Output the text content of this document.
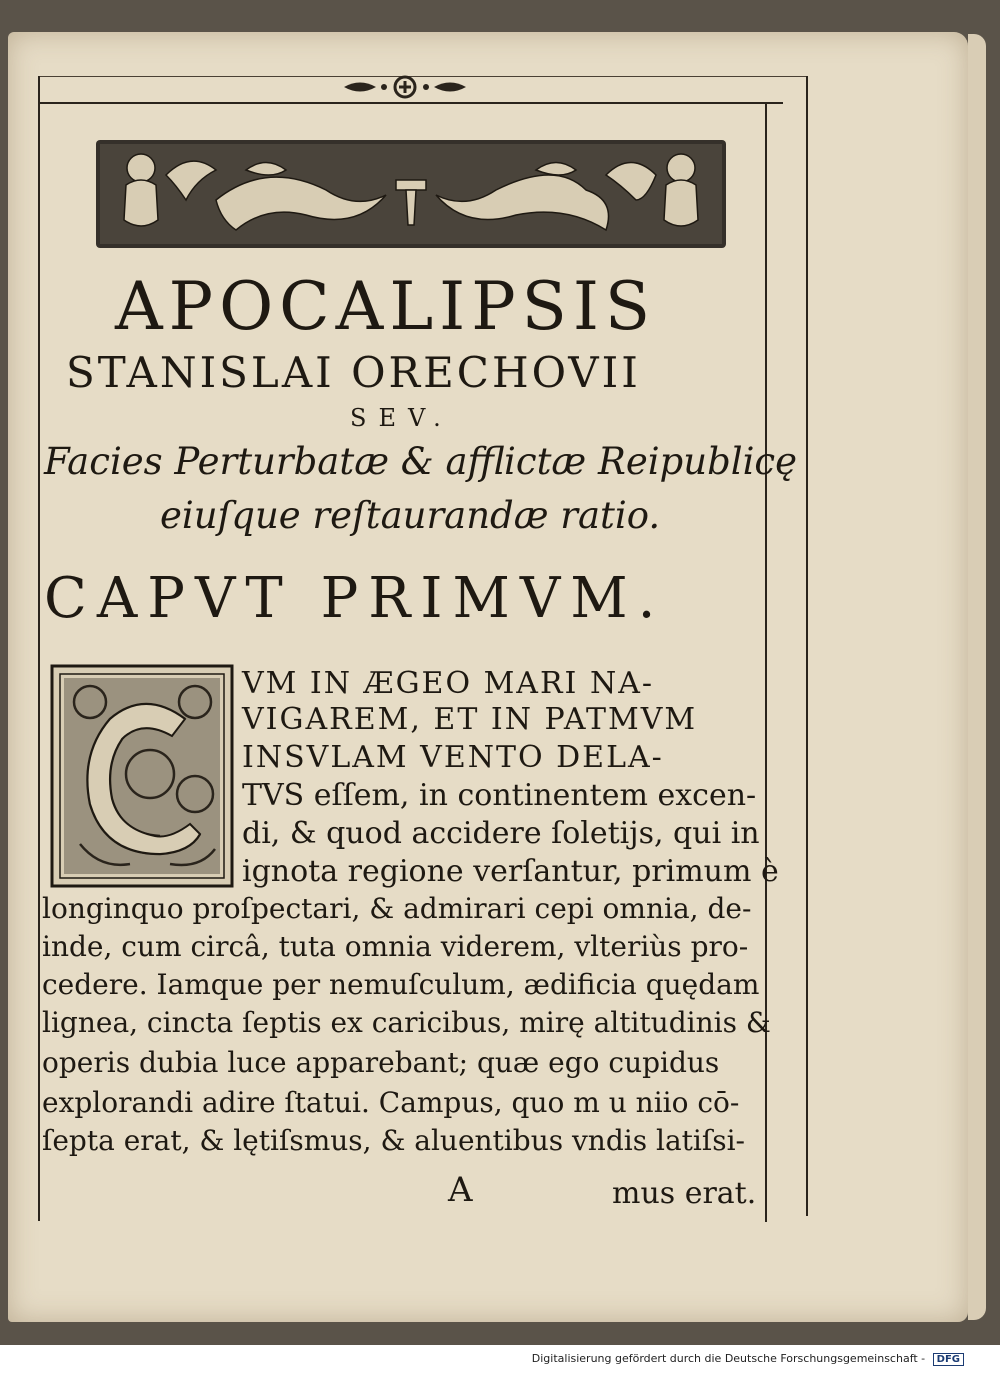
APOCALIPSIS
STANISLAI ORECHOVII
SEV.
Facies Perturbatæ & afflictæ Reipublicę
eiuſque reſtaurandæ ratio.
CAPVT PRIMVM.
VM IN ÆGEO MARI NA-
VIGAREM, ET IN PATMVM
INSVLAM VENTO DELA-
TVS eſſem, in continentem excen-
di, & quod accidere ſoletijs, qui in
ignota regione verſantur, primum è
longinquo proſpectari, & admirari cepi omnia, de-
inde, cum circâ, tuta omnia viderem, vlteriùs pro-
cedere. Iamque per nemuſculum, ædificia quędam
lignea, cincta ſeptis ex caricibus, mirę altitudinis &
operis dubia luce apparebant; quæ ego cupidus
explorandi adire ſtatui. Campus, quo m u niio cō-
ſepta erat, & lętiſsmus, & aluentibus vndis latiſsi-
A	mus erat.
Digitalisierung gefördert durch die Deutsche Forschungsgemeinschaft - DFG
